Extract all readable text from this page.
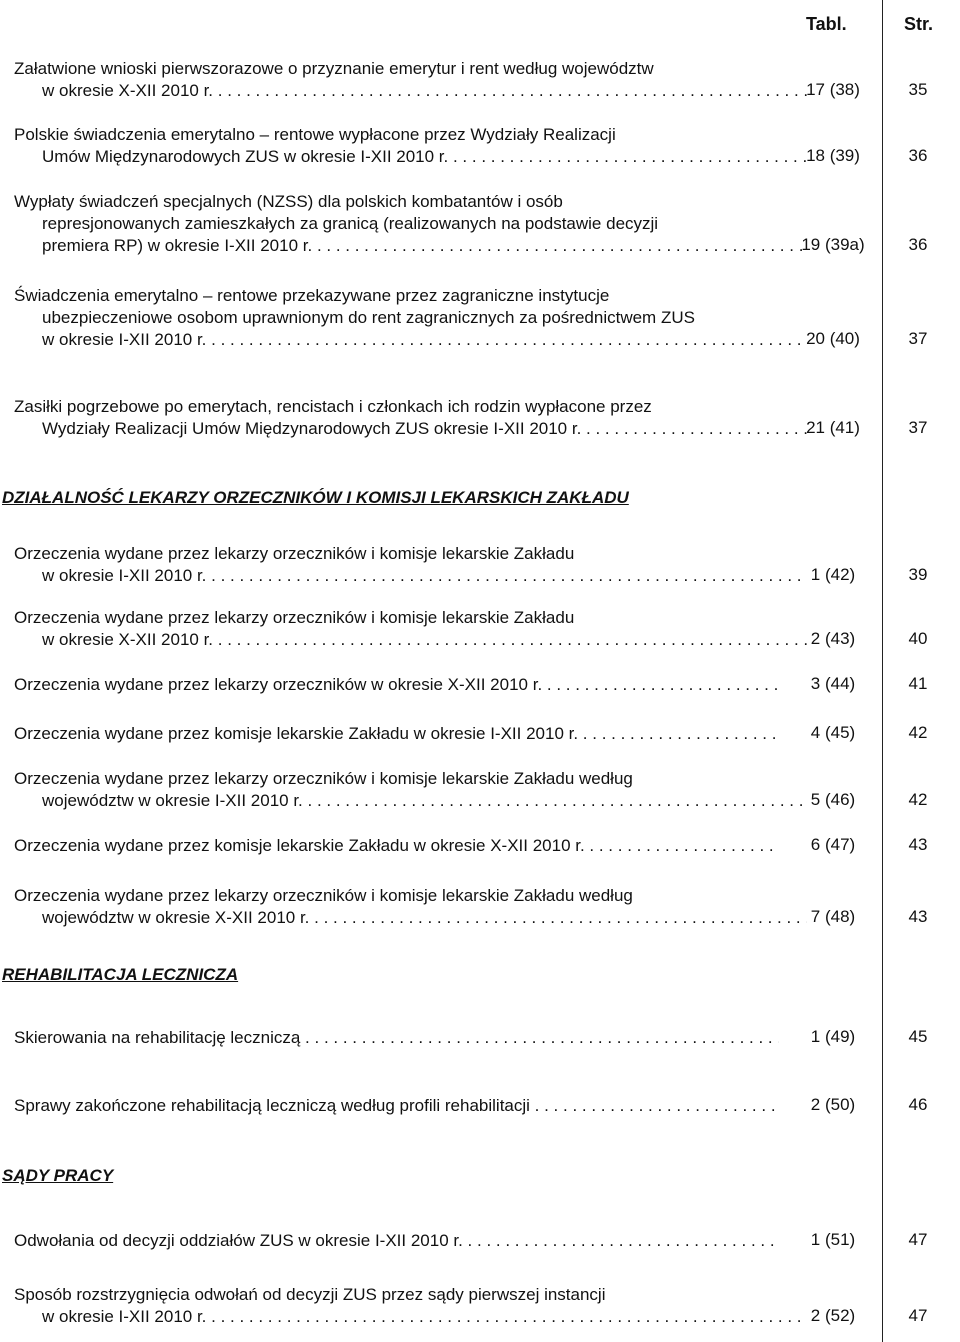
Tabl.	Str.
DZIAŁALNOŚĆ LEKARZY ORZECZNIKÓW I KOMISJI LEKARSKICH ZAKŁADU
REHABILITACJA LECZNICZA
SĄDY PRACY
Załatwione wnioski pierwszorazowe o przyznanie emerytur i rent według województw
w okresie X-XII 2010 r. . . .	17 (38)	35
Polskie świadczenia emerytalno – rentowe wypłacone przez Wydziały Realizacji
Umów Międzynarodowych ZUS w okresie I-XII 2010 r. . . .	18 (39)	36
Wypłaty świadczeń specjalnych (NZSS) dla polskich kombatantów i osób
represjonowanych zamieszkałych za granicą (realizowanych na podstawie decyzji
premiera RP) w okresie I-XII 2010 r. . . .	19 (39a)	36
Świadczenia emerytalno – rentowe przekazywane przez zagraniczne instytucje
ubezpieczeniowe osobom uprawnionym do rent zagranicznych za pośrednictwem ZUS
w okresie I-XII 2010 r. . . .	20 (40)	37
Zasiłki pogrzebowe po emerytach, rencistach i członkach ich rodzin wypłacone przez
Wydziały Realizacji Umów Międzynarodowych ZUS okresie I-XII 2010 r. . . .	21 (41)	37
Orzeczenia wydane przez lekarzy orzeczników i komisje lekarskie Zakładu
w okresie I-XII 2010 r. . . .	1 (42)	39
Orzeczenia wydane przez lekarzy orzeczników i komisje lekarskie Zakładu
w okresie X-XII 2010 r. . . .	2 (43)	40
Orzeczenia wydane przez lekarzy orzeczników w okresie X-XII 2010 r. . . .	3 (44)	41
Orzeczenia wydane przez komisje lekarskie Zakładu w okresie I-XII 2010 r. . . .	4 (45)	42
Orzeczenia wydane przez lekarzy orzeczników i komisje lekarskie Zakładu według
województw w okresie I-XII 2010 r. . . .	5 (46)	42
Orzeczenia wydane przez komisje lekarskie Zakładu w okresie X-XII 2010 r. . . .	6 (47)	43
Orzeczenia wydane przez lekarzy orzeczników i komisje lekarskie Zakładu według
województw w okresie X-XII 2010 r. . . .	7 (48)	43
Skierowania na rehabilitację leczniczą . . .	1 (49)	45
Sprawy zakończone rehabilitacją leczniczą według profili rehabilitacji . . .	2 (50)	46
Odwołania od decyzji oddziałów ZUS w okresie I-XII 2010 r. . . .	1 (51)	47
Sposób rozstrzygnięcia odwołań od decyzji ZUS przez sądy pierwszej instancji
w okresie I-XII 2010 r. . . .	2 (52)	47
